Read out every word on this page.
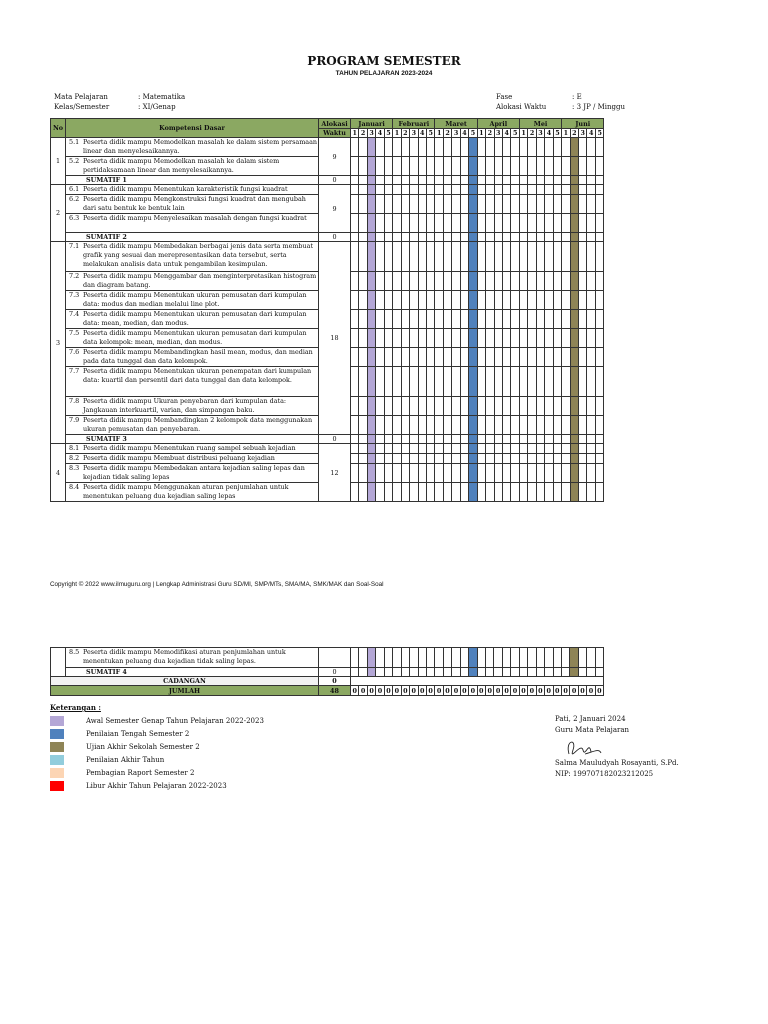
PROGRAM SEMESTER
TAHUN PELAJARAN 2023-2024
Mata Pelajaran	: Matematika
Kelas/Semester	: XI/Genap
Fase	: E
Alokasi Waktu	: 3 JP / Minggu
No	Kompetensi Dasar	Alokasi	Januari					Februari					Maret					April					Mei					Juni				
		Waktu	1	2	3	4	5	1	2	3	4	5	1	2	3	4	5	1	2	3	4	5	1	2	3	4	5	1	2	3	4	5
1	5.1 Peserta didik mampu Memodelkan masalah ke dalam sistem persamaan linear dan menyelesaikannya.	9																														
	5.2 Peserta didik mampu Memodelkan masalah ke dalam sistem pertidaksamaan linear dan menyelesaikannya.																															
	SUMATIF 1	0																														
2	6.1 Peserta didik mampu Menentukan karakteristik fungsi kuadrat	9																														
	6.2 Peserta didik mampu Mengkonstruksi fungsi kuadrat dan mengubah dari satu bentuk ke bentuk lain																															
	6.3 Peserta didik mampu Menyelesaikan masalah dengan fungsi kuadrat																															
	SUMATIF 2	0																														
3	7.1 Peserta didik mampu Membedakan berbagai jenis data serta membuat grafik yang sesuai dan merepresentasikan data tersebut, serta melakukan analisis data untuk pengambilan kesimpulan.	18																														
	7.2 Peserta didik mampu Menggambar dan menginterpretasikan histogram dan diagram batang.																															
	7.3 Peserta didik mampu Menentukan ukuran pemusatan dari kumpulan data: modus dan median melalui line plot.																															
	7.4 Peserta didik mampu Menentukan ukuran pemusatan dari kumpulan data: mean, median, dan modus.																															
	7.5 Peserta didik mampu Menentukan ukuran pemusatan dari kumpulan data kelompok: mean, median, dan modus.																															
	7.6 Peserta didik mampu Membandingkan hasil mean, modus, dan median pada data tunggal dan data kelompok.																															
	7.7 Peserta didik mampu Menentukan ukuran penempatan dari kumpulan data: kuartil dan persentil dari data tunggal dan data kelompok.																															
	7.8 Peserta didik mampu Ukuran penyebaran dari kumpulan data: Jangkauan interkuartil, varian, dan simpangan baku.																															
	7.9 Peserta didik mampu Membandingkan 2 kelompok data menggunakan ukuran pemusatan dan penyebaran.																															
	SUMATIF 3	0																														
4	8.1 Peserta didik mampu Menentukan ruang sampel sebuah kejadian	12																														
	8.2 Peserta didik mampu Membuat distribusi peluang kejadian																															
	8.3 Peserta didik mampu Membedakan antara kejadian saling lepas dan kejadian tidak saling lepas																															
	8.4 Peserta didik mampu Menggunakan aturan penjumlahan untuk menentukan peluang dua kejadian saling lepas																															
Copyright © 2022 www.ilmuguru.org | Lengkap Administrasi Guru SD/MI, SMP/MTs, SMA/MA, SMK/MAK dan Soal-Soal
	8.5 Peserta didik mampu Memodifikasi aturan penjumlahan untuk menentukan peluang dua kejadian tidak saling lepas.																															
	SUMATIF 4	0																														
CADANGAN		0																														
JUMLAH		48	0	0	0	0	0	0	0	0	0	0	0	0	0	0	0	0	0	0	0	0	0	0	0	0	0	0	0	0	0	0
Keterangan :
Awal Semester Genap Tahun Pelajaran 2022-2023
Penilaian Tengah Semester 2
Ujian Akhir Sekolah Semester 2
Penilaian Akhir Tahun
Pembagian Raport Semester 2
Libur Akhir Tahun Pelajaran 2022-2023
Pati, 2 Januari 2024
Guru Mata Pelajaran
Salma Mauludyah Rosayanti, S.Pd.
NIP: 199707182023212025
